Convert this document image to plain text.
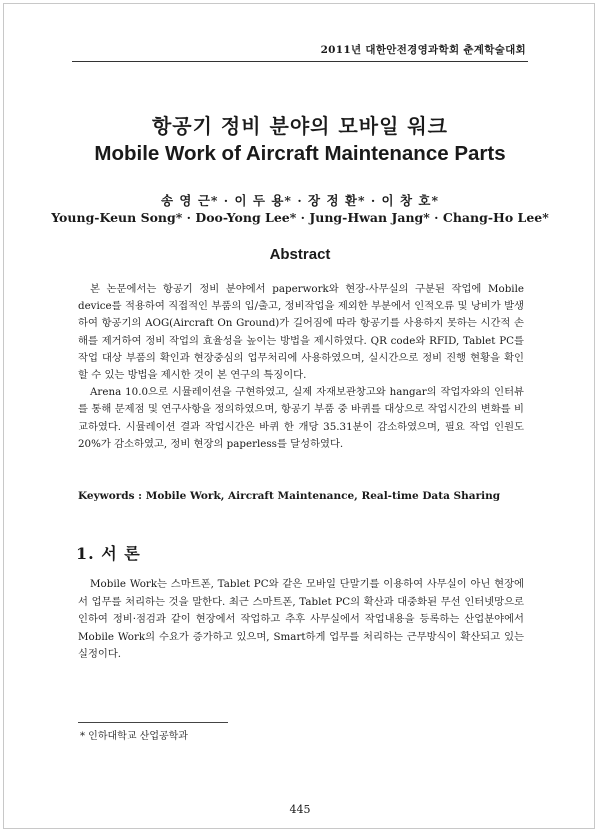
2011년 대한안전경영과학회 춘계학술대회
항공기 정비 분야의 모바일 워크
Mobile Work of Aircraft Maintenance Parts
송 영 근* · 이 두 용* · 장 정 환* · 이 창 호*
Young-Keun Song* · Doo-Yong Lee* · Jung-Hwan Jang* · Chang-Ho Lee*
Abstract

본 논문에서는 항공기 정비 분야에서 paperwork와 현장-사무실의 구분된 작업에 Mobile device를 적용하여 직접적인 부품의 입/출고, 정비작업을 제외한 부분에서 인적오류 및 낭비가 발생하여 항공기의 AOG(Aircraft On Ground)가 길어짐에 따라 항공기를 사용하지 못하는 시간적 손해를 제거하여 정비 작업의 효율성을 높이는 방법을 제시하였다. QR code와 RFID, Tablet PC를 작업 대상 부품의 확인과 현장중심의 업무처리에 사용하였으며, 실시간으로 정비 진행 현황을 확인 할 수 있는 방법을 제시한 것이 본 연구의 특징이다.

Arena 10.0으로 시뮬레이션을 구현하였고, 실제 자재보관창고와 hangar의 작업자와의 인터뷰를 통해 문제점 및 연구사항을 정의하였으며, 항공기 부품 중 바퀴를 대상으로 작업시간의 변화를 비교하였다. 시뮬레이션 결과 작업시간은 바퀴 한 개당 35.31분이 감소하였으며, 필요 작업 인원도 20%가 감소하였고, 정비 현장의 paperless를 달성하였다.

Keywords : Mobile Work, Aircraft Maintenance, Real-time Data Sharing
1. 서 론

Mobile Work는 스마트폰, Tablet PC와 같은 모바일 단말기를 이용하여 사무실이 아닌 현장에서 업무를 처리하는 것을 말한다. 최근 스마트폰, Tablet PC의 확산과 대중화된 무선 인터넷망으로 인하여 정비·점검과 같이 현장에서 작업하고 추후 사무실에서 작업내용을 등록하는 산업분야에서 Mobile Work의 수요가 증가하고 있으며, Smart하게 업무를 처리하는 근무방식이 확산되고 있는 실정이다.

* 인하대학교 산업공학과
445
